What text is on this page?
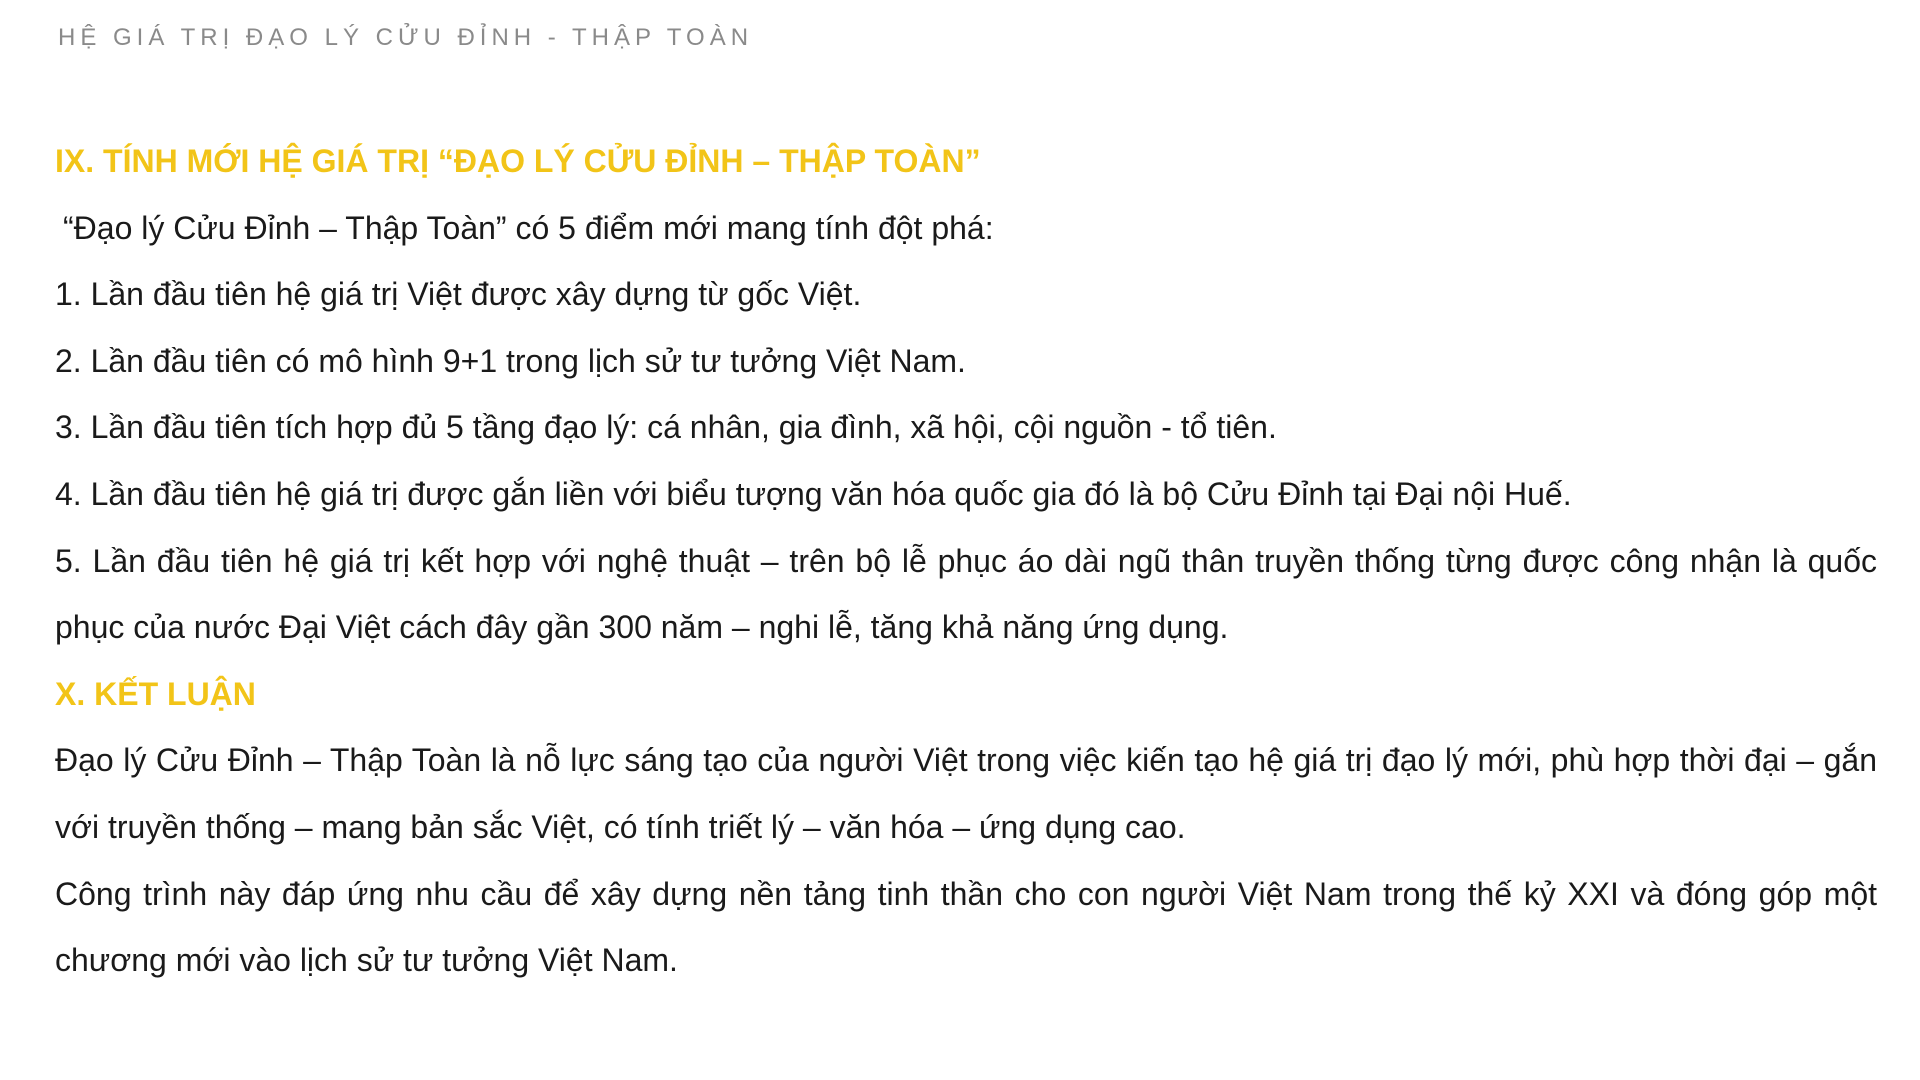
HỆ GIÁ TRỊ ĐẠO LÝ CỬU ĐỈNH - THẬP TOÀN
IX. TÍNH MỚI HỆ GIÁ TRỊ “ĐẠO LÝ CỬU ĐỈNH – THẬP TOÀN”

“Đạo lý Cửu Đỉnh – Thập Toàn” có 5 điểm mới mang tính đột phá:

1. Lần đầu tiên hệ giá trị Việt được xây dựng từ gốc Việt.

2. Lần đầu tiên có mô hình 9+1 trong lịch sử tư tưởng Việt Nam.

3. Lần đầu tiên tích hợp đủ 5 tầng đạo lý: cá nhân, gia đình, xã hội, cội nguồn - tổ tiên.

4. Lần đầu tiên hệ giá trị được gắn liền với biểu tượng văn hóa quốc gia đó là bộ Cửu Đỉnh tại Đại nội Huế.

5. Lần đầu tiên hệ giá trị kết hợp với nghệ thuật – trên bộ lễ phục áo dài ngũ thân truyền thống từng được công nhận là quốc phục của nước Đại Việt cách đây gần 300 năm – nghi lễ, tăng khả năng ứng dụng.

X. KẾT LUẬN

Đạo lý Cửu Đỉnh – Thập Toàn là nỗ lực sáng tạo của người Việt trong việc kiến tạo hệ giá trị đạo lý mới, phù hợp thời đại – gắn với truyền thống – mang bản sắc Việt, có tính triết lý – văn hóa – ứng dụng cao.

Công trình này đáp ứng nhu cầu để xây dựng nền tảng tinh thần cho con người Việt Nam trong thế kỷ XXI và đóng góp một chương mới vào lịch sử tư tưởng Việt Nam.
